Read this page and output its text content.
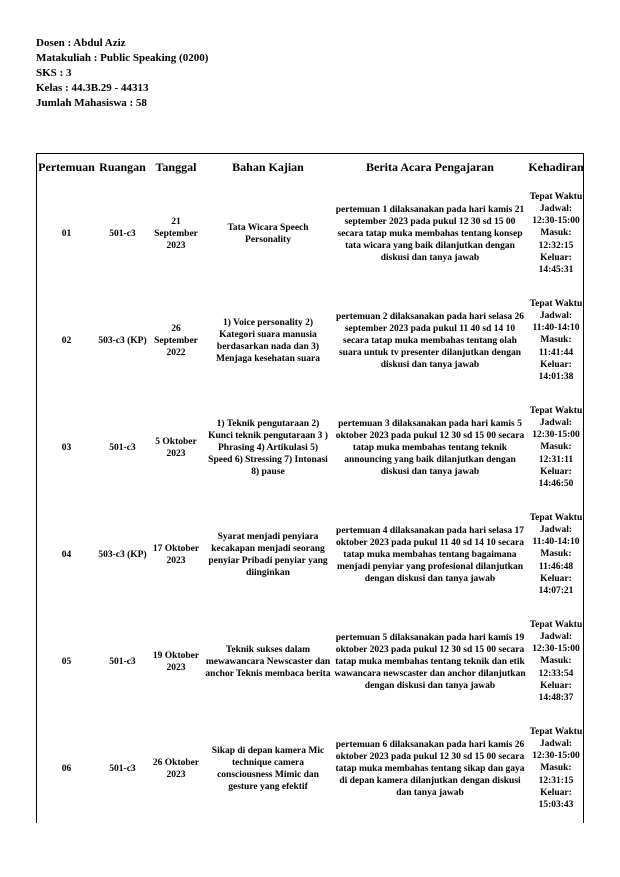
Dosen : Abdul Aziz
Matakuliah : Public Speaking (0200)
SKS : 3
Kelas : 44.3B.29 - 44313
Jumlah Mahasiswa : 58
Pertemuan	Ruangan	Tanggal	Bahan Kajian	Berita Acara Pengajaran	Kehadiran
01	501-c3	21 September 2023	Tata Wicara Speech Personality	pertemuan 1 dilaksanakan pada hari kamis 21 september 2023 pada pukul 12 30 sd 15 00 secara tatap muka membahas tentang konsep tata wicara yang baik dilanjutkan dengan diskusi dan tanya jawab	Tepat Waktu Jadwal: 12:30-15:00 Masuk: 12:32:15 Keluar: 14:45:31
02	503-c3 (KP)	26 September 2022	1) Voice personality 2) Kategori suara manusia berdasarkan nada dan 3) Menjaga kesehatan suara	pertemuan 2 dilaksanakan pada hari selasa 26 september 2023 pada pukul 11 40 sd 14 10 secara tatap muka membahas tentang olah suara untuk tv presenter dilanjutkan dengan diskusi dan tanya jawab	Tepat Waktu Jadwal: 11:40-14:10 Masuk: 11:41:44 Keluar: 14:01:38
03	501-c3	5 Oktober 2023	1) Teknik pengutaraan 2) Kunci teknik pengutaraan 3 ) Phrasing 4) Artikulasi 5) Speed 6) Stressing 7) Intonasi 8) pause	pertemuan 3 dilaksanakan pada hari kamis 5 oktober 2023 pada pukul 12 30 sd 15 00 secara tatap muka membahas tentang teknik announcing yang baik dilanjutkan dengan diskusi dan tanya jawab	Tepat Waktu Jadwal: 12:30-15:00 Masuk: 12:31:11 Keluar: 14:46:50
04	503-c3 (KP)	17 Oktober 2023	Syarat menjadi penyiara kecakapan menjadi seorang penyiar Pribadi penyiar yang diinginkan	pertemuan 4 dilaksanakan pada hari selasa 17 oktober 2023 pada pukul 11 40 sd 14 10 secara tatap muka membahas tentang bagaimana menjadi penyiar yang profesional dilanjutkan dengan diskusi dan tanya jawab	Tepat Waktu Jadwal: 11:40-14:10 Masuk: 11:46:48 Keluar: 14:07:21
05	501-c3	19 Oktober 2023	Teknik sukses dalam mewawancara Newscaster dan anchor Teknis membaca berita	pertemuan 5 dilaksanakan pada hari kamis 19 oktober 2023 pada pukul 12 30 sd 15 00 secara tatap muka membahas tentang teknik dan etik wawancara newscaster dan anchor dilanjutkan dengan diskusi dan tanya jawab	Tepat Waktu Jadwal: 12:30-15:00 Masuk: 12:33:54 Keluar: 14:48:37
06	501-c3	26 Oktober 2023	Sikap di depan kamera Mic technique camera consciousness Mimic dan gesture yang efektif	pertemuan 6 dilaksanakan pada hari kamis 26 oktober 2023 pada pukul 12 30 sd 15 00 secara tatap muka membahas tentang sikap dan gaya di depan kamera dilanjutkan dengan diskusi dan tanya jawab	Tepat Waktu Jadwal: 12:30-15:00 Masuk: 12:31:15 Keluar: 15:03:43
